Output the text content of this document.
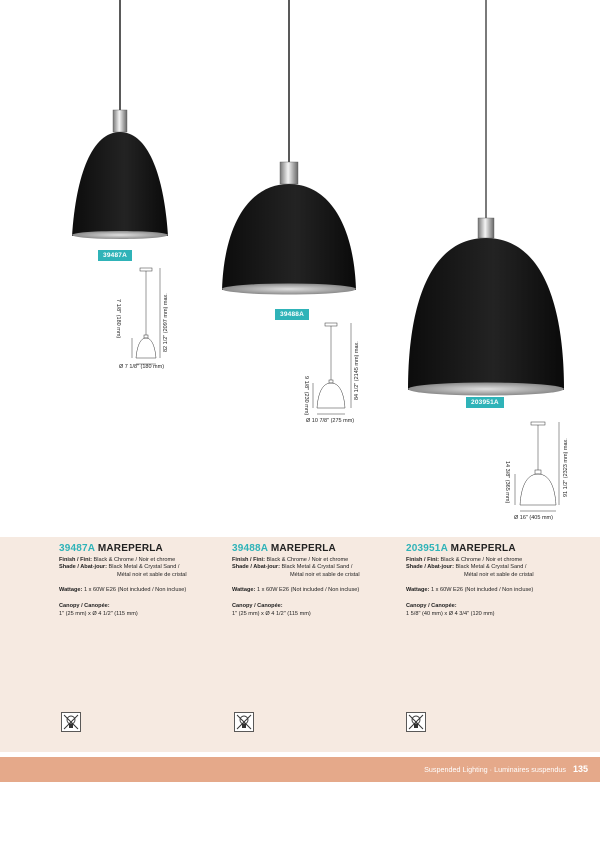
39487A
39488A
203951A
82 1/2" (2097 mm) max.
7 1/8" (180 mm)
Ø 7 1/8" (180 mm)	84 1/2" (2145 mm) max.
9 1/8" (230 mm)
Ø 10 7/8" (275 mm)
91 1/2" (2323 mm) max.
14 3/8" (365 mm)
Ø 16" (405 mm)
39487A MAREPERLA
Finish / Fini: Black & Chrome / Noir et chrome
Shade / Abat-jour: Black Metal & Crystal Sand /
Métal noir et sable de cristal
Wattage: 1 x 60W E26 (Not included / Non incluse)
Canopy / Canopée:
1" (25 mm) x Ø 4 1/2" (115 mm)
39488A MAREPERLA
Finish / Fini: Black & Chrome / Noir et chrome
Shade / Abat-jour: Black Metal & Crystal Sand /
Métal noir et sable de cristal
Wattage: 1 x 60W E26 (Not included / Non incluse)
Canopy / Canopée:
1" (25 mm) x Ø 4 1/2" (115 mm)
203951A MAREPERLA
Finish / Fini: Black & Chrome / Noir et chrome
Shade / Abat-jour: Black Metal & Crystal Sand /
Métal noir et sable de cristal
Wattage: 1 x 60W E26 (Not included / Non incluse)
Canopy / Canopée:
1 5/8" (40 mm) x Ø 4 3/4" (120 mm)
Suspended Lighting · Luminaires suspendus 135
